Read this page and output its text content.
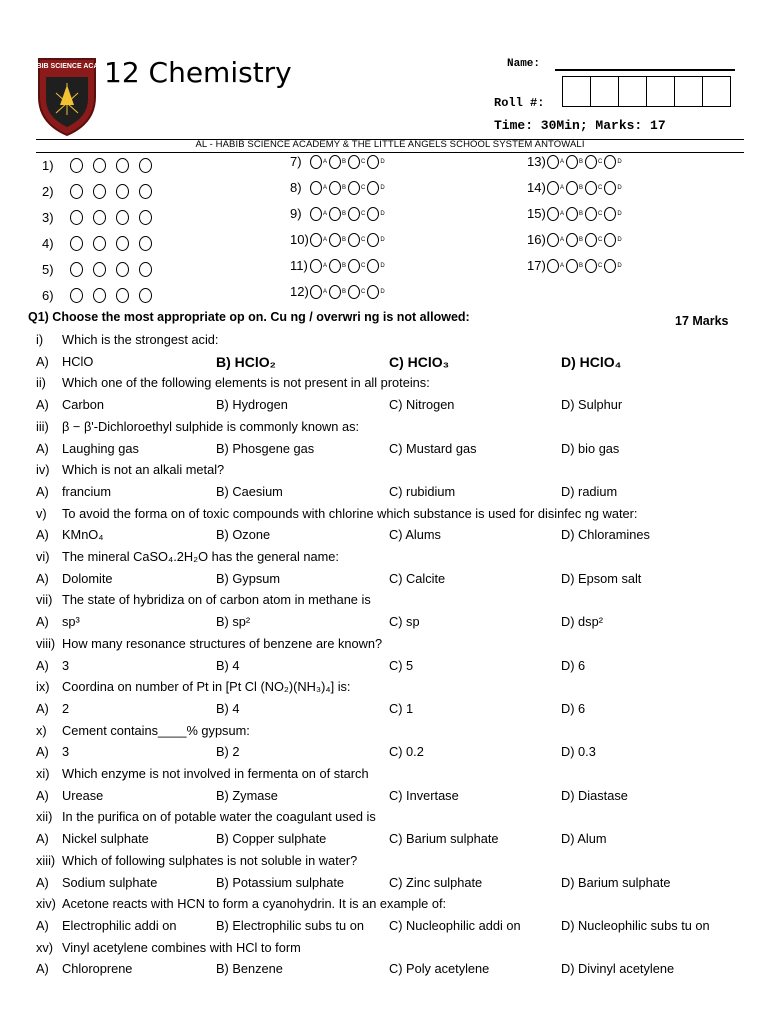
AL HABIB SCIENCE ACADEMY
12 Chemistry	Name:
Roll #:
Time: 30Min; Marks: 17
AL - HABIB SCIENCE ACADEMY & THE LITTLE ANGELS SCHOOL SYSTEM ANTOWALI
1)
2)
3)
4)
5)
6)
7)	A	B	C	D
8)	A	B	C	D
9)	A	B	C	D
10) A	B	C	D
11)	A	B	C	D
12) A	B	C	D
13) A	B	C	D
14) A	B	C	D
15) A	B	C	D
16) A	B	C	D
17) A	B	C	D
Q1) Choose the most appropriate op on. Cu ng / overwri ng is not allowed:	17 Marks
i) Which is the strongest acid:
A) HClO	B) HClO₂	C) HClO₃	D) HClO₄
ii) Which one of the following elements is not present in all proteins:
A) Carbon	B) Hydrogen	C) Nitrogen	D) Sulphur
iii) β − β'-Dichloroethyl sulphide is commonly known as:
A) Laughing gas	B) Phosgene gas	C) Mustard gas	D) bio gas
iv) Which is not an alkali metal?
A) francium	B) Caesium	C) rubidium	D) radium
v) To avoid the forma on of toxic compounds with chlorine which substance is used for disinfec ng water:
A) KMnO₄	B) Ozone	C) Alums	D) Chloramines
vi) The mineral CaSO₄.2H₂O has the general name:
A) Dolomite	B) Gypsum	C) Calcite	D) Epsom salt
vii) The state of hybridiza on of carbon atom in methane is
A) sp³	B) sp²	C) sp	D) dsp²
viii) How many resonance structures of benzene are known?
A) 3	B) 4	C) 5	D) 6
ix) Coordina on number of Pt in [Pt Cl (NO₂)(NH₃)₄] is:
A) 2	B) 4	C) 1	D) 6
x) Cement contains____% gypsum:
A) 3	B) 2	C) 0.2	D) 0.3
xi) Which enzyme is not involved in fermenta on of starch
A) Urease	B) Zymase	C) Invertase	D) Diastase
xii) In the purifica on of potable water the coagulant used is
A) Nickel sulphate	B) Copper sulphate	C) Barium sulphate	D) Alum
xiii) Which of following sulphates is not soluble in water?
A) Sodium sulphate	B) Potassium sulphate	C) Zinc sulphate	D) Barium sulphate
xiv) Acetone reacts with HCN to form a cyanohydrin. It is an example of:
A) Electrophilic addi on	B) Electrophilic subs tu on C) Nucleophilic addi on	D) Nucleophilic subs tu on
xv) Vinyl acetylene combines with HCl to form
A) Chloroprene	B) Benzene	C) Poly acetylene	D) Divinyl acetylene
